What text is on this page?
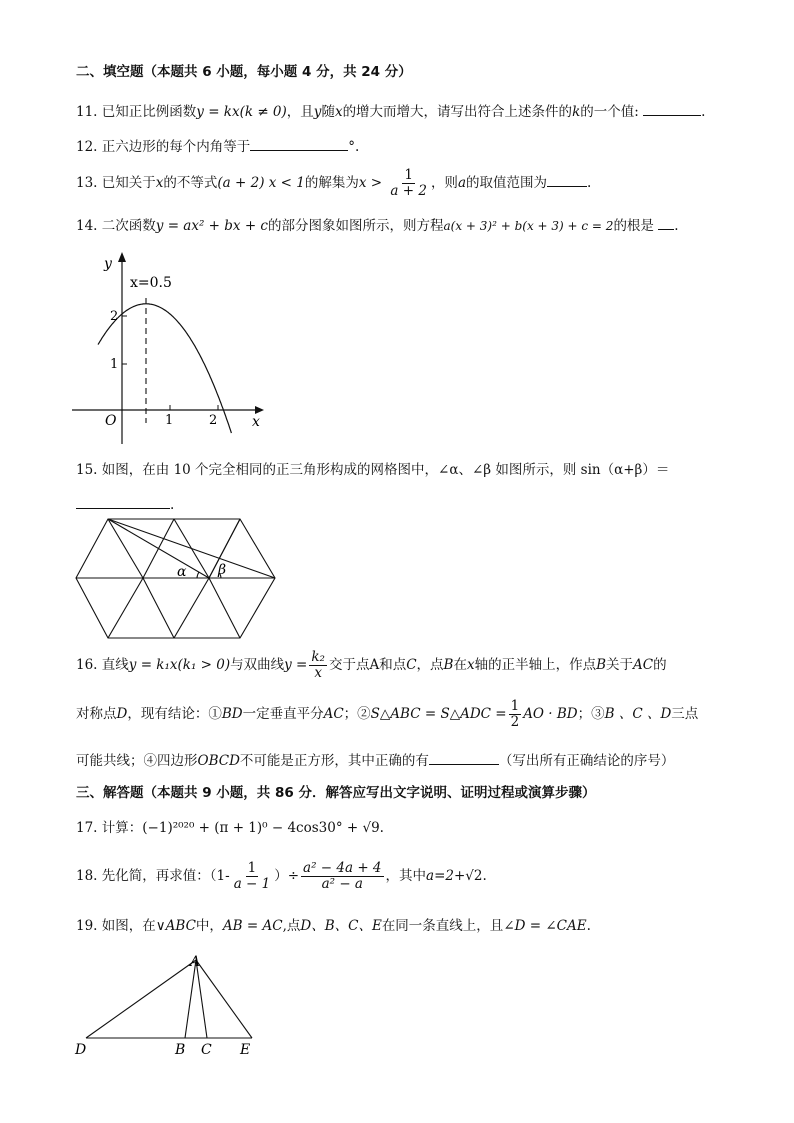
二、填空题（本题共 6 小题，每小题 4 分，共 24 分）
11. 已知正比例函数y = kx(k ≠ 0)，且y随x的增大而增大，请写出符合上述条件的k的一个值:	.
12. 正六边形的每个内角等于	°.
13. 已知关于x的不等式(a + 2) x < 1的解集为$x > \frac{1}{a + 2}$ ，则a的取值范围为	.
14. 二次函数y = ax² + bx + c的部分图象如图所示，则方程a(x + 3)² + b(x + 3) + c = 2的根是 .
y
x
O
x=0.5
1
2
1	2
15. 如图，在由 10 个完全相同的正三角形构成的网格图中，∠α、∠β 如图所示，则 sin（α+β）＝
.
α β
16. 直线y = k₁x(k₁ > 0)与双曲线$y = \frac{\text{k₂}}{x}$ 交于点A和点C，点B在x轴的正半轴上，作点B关于AC的
对称点D，现有结论：①BD一定垂直平分AC；②S△ABC = S△ADC = $\frac{1}{2}$ AO · BD；③B 、C 、D三点
可能共线；④四边形OBCD不可能是正方形，其中正确的有	（写出所有正确结论的序号）
三、解答题（本题共 9 小题，共 86 分．解答应写出文字说明、证明过程或演算步骤）
17. 计算：(−1)²⁰²⁰ + (π + 1)⁰ − 4cos30° + √9.
18. 先化简，再求值：（$1- \frac{1}{a - 1}$ ）÷ $\frac{\text{a² − 4a + 4}}{\text{a² − a}}$ ，其中a=2+√2.
19. 如图，在∨ABC中，AB = AC,点D、B、C、E在同一条直线上，且∠D = ∠CAE.
A
D	B C E
